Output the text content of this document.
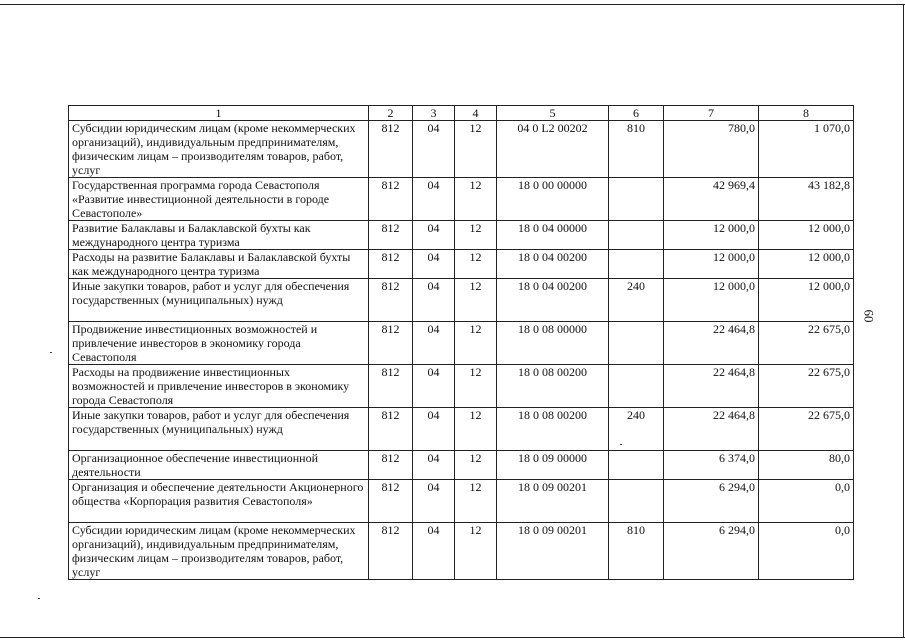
60
1	2	3	4	5	6	7	8
Субсидии юридическим лицам (кроме некоммерческих организаций), индивидуальным предпринимателям, физическим лицам – производителям товаров, работ, услуг	812	04	12	04 0 L2 00202	810	780,0	1 070,0
Государственная программа города Севастополя «Развитие инвестиционной деятельности в городе Севастополе»	812	04	12	18 0 00 00000		42 969,4	43 182,8
Развитие Балаклавы и Балаклавской бухты как международного центра туризма	812	04	12	18 0 04 00000		12 000,0	12 000,0
Расходы на развитие Балаклавы и Балаклавской бухты как международного центра туризма	812	04	12	18 0 04 00200		12 000,0	12 000,0
Иные закупки товаров, работ и услуг для обеспечения государственных (муниципальных) нужд	812	04	12	18 0 04 00200	240	12 000,0	12 000,0
Продвижение инвестиционных возможностей и привлечение инвесторов в экономику города Севастополя	812	04	12	18 0 08 00000		22 464,8	22 675,0
Расходы на продвижение инвестиционных возможностей и привлечение инвесторов в экономику города Севастополя	812	04	12	18 0 08 00200		22 464,8	22 675,0
Иные закупки товаров, работ и услуг для обеспечения государственных (муниципальных) нужд	812	04	12	18 0 08 00200	240	22 464,8	22 675,0
Организационное обеспечение инвестиционной деятельности	812	04	12	18 0 09 00000		6 374,0	80,0
Организация и обеспечение деятельности Акционерного общества «Корпорация развития Севастополя»	812	04	12	18 0 09 00201		6 294,0	0,0
Субсидии юридическим лицам (кроме некоммерческих организаций), индивидуальным предпринимателям, физическим лицам – производителям товаров, работ, услуг	812	04	12	18 0 09 00201	810	6 294,0	0,0
